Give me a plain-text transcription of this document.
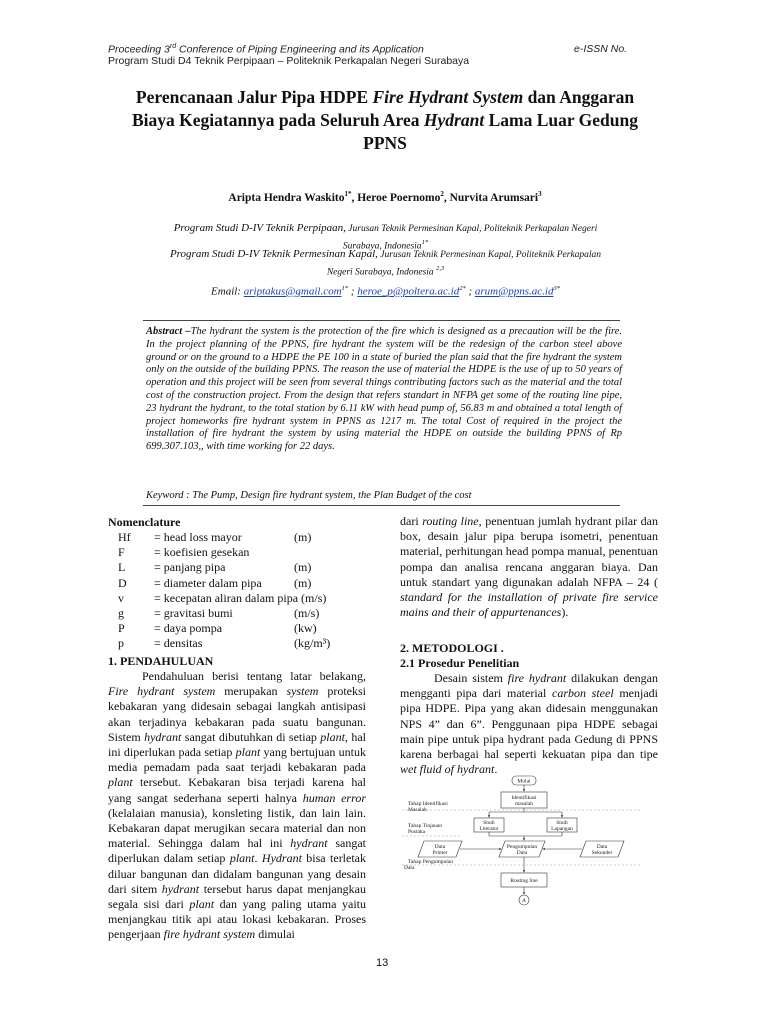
Proceeding 3rd Conference of Piping Engineering and its Application	e-ISSN No.
Program Studi D4 Teknik Perpipaan – Politeknik Perkapalan Negeri Surabaya
Perencanaan Jalur Pipa HDPE Fire Hydrant System dan Anggaran
Biaya Kegiatannya pada Seluruh Area Hydrant Lama Luar Gedung
PPNS
Aripta Hendra Waskito$^{1*}$, Heroe Poernomo$^2$, Nurvita Arumsari$^3$
Program Studi D-IV Teknik Perpipaan, Jurusan Teknik Permesinan Kapal, Politeknik Perkapalan Negeri
Surabaya, Indonesia$^{1*}$
Program Studi D-IV Teknik Permesinan Kapal, Jurusan Teknik Permesinan Kapal, Politeknik Perkapalan
Negeri Surabaya, Indonesia $^{2,3}$
Email: ariptakus@gmail.com$^{1*}$ ; $heroe\_p@poltera.ac.id^{2*}$ ; $arum@ppns.ac.id^{3*}$
Abstract –The hydrant the system is the protection of the fire which is designed as a precaution will be the fire. In the project planning of the PPNS, fire hydrant the system will be the redesign of the carbon steel above ground or on the ground to a HDPE the PE 100 in a state of buried the plan said that the fire hydrant the system only on the outside of the building PPNS. The reason the use of material the HDPE is the use of up to 50 years of operation and this project will be seen from several things contributing factors such as the material and the total cost of the construction project. From the design that refers standart in NFPA get some of the routing line pipe, 23 hydrant the hydrant, to the total station by 6.11 kW with head pump of, 56.83 m and obtained a total length of project homeworks fire hydrant system in PPNS as 1217 m. The total Cost of required in the project the installation of fire hydrant the system by using material the HDPE on outside the building PPNS of Rp 699.307.103,, with time working for 22 days.
Keyword : The Pump, Design fire hydrant system, the Plan Budget of the cost
Nomenclature
Hf = head loss mayor	(m)
F = koefisien gesekan
L = panjang pipa	(m)
D = diameter dalam pipa	(m)
v	= kecepatan aliran dalam pipa (m/s)
g	= gravitasi bumi	(m/s)
P = daya pompa	(kw)
p	= densitas	(kg/m³)
1. PENDAHULUAN
Pendahuluan berisi tentang latar belakang, Fire hydrant system merupakan system proteksi kebakaran yang didesain sebagai langkah antisipasi akan terjadinya kebakaran pada suatu bangunan. Sistem hydrant sangat dibutuhkan di setiap plant, hal ini diperlukan pada setiap plant yang bertujuan untuk media pemadam pada saat terjadi kebakaran pada plant tersebut. Kebakaran bisa terjadi karena hal yang sangat sederhana seperti halnya human error (kelalaian manusia), konsleting listik, dan lain lain. Kebakaran dapat merugikan secara material dan non material. Sehingga dalam hal ini hydrant sangat diperlukan dalam setiap plant. Hydrant bisa terletak diluar bangunan dan didalam bangunan yang desain dari sitem hydrant tersebut harus dapat menjangkau segala sisi dari plant dan yang paling utama yaitu menjangkau titik api atau lokasi kebakaran. Proses pengerjaan fire hydrant system dimulai
dari routing line, penentuan jumlah hydrant pilar dan box, desain jalur pipa berupa isometri, penentuan material, perhitungan head pompa manual, penentuan pompa dan analisa rencana anggaran biaya. Dan untuk standart yang digunakan adalah NFPA – 24 ( standard for the installation of private fire service mains and their of appurtenances).
2. METODOLOGI .
2.1 Prosedur Penelitian
Desain sistem fire hydrant dilakukan dengan mengganti pipa dari material carbon steel menjadi pipa HDPE. Pipa yang akan didesain menggunakan NPS 4” dan 6”. Penggunaan pipa HDPE sebagai main pipe untuk pipa hydrant pada Gedung di PPNS karena berbagai hal seperti kekuatan pipa dan tipe wet fluid of hydrant.
Mulai
Identifikasi
masalah
Studi
Literatur
Studi
Lapangan
Data
Primer
Pengumpulan
Data
Data
Sekunder
Routing line
A
Tahap Identifikasi
Masalah
Tahap Tinjauan
Pustaka
Tahap Pengumpulan
Data
13
